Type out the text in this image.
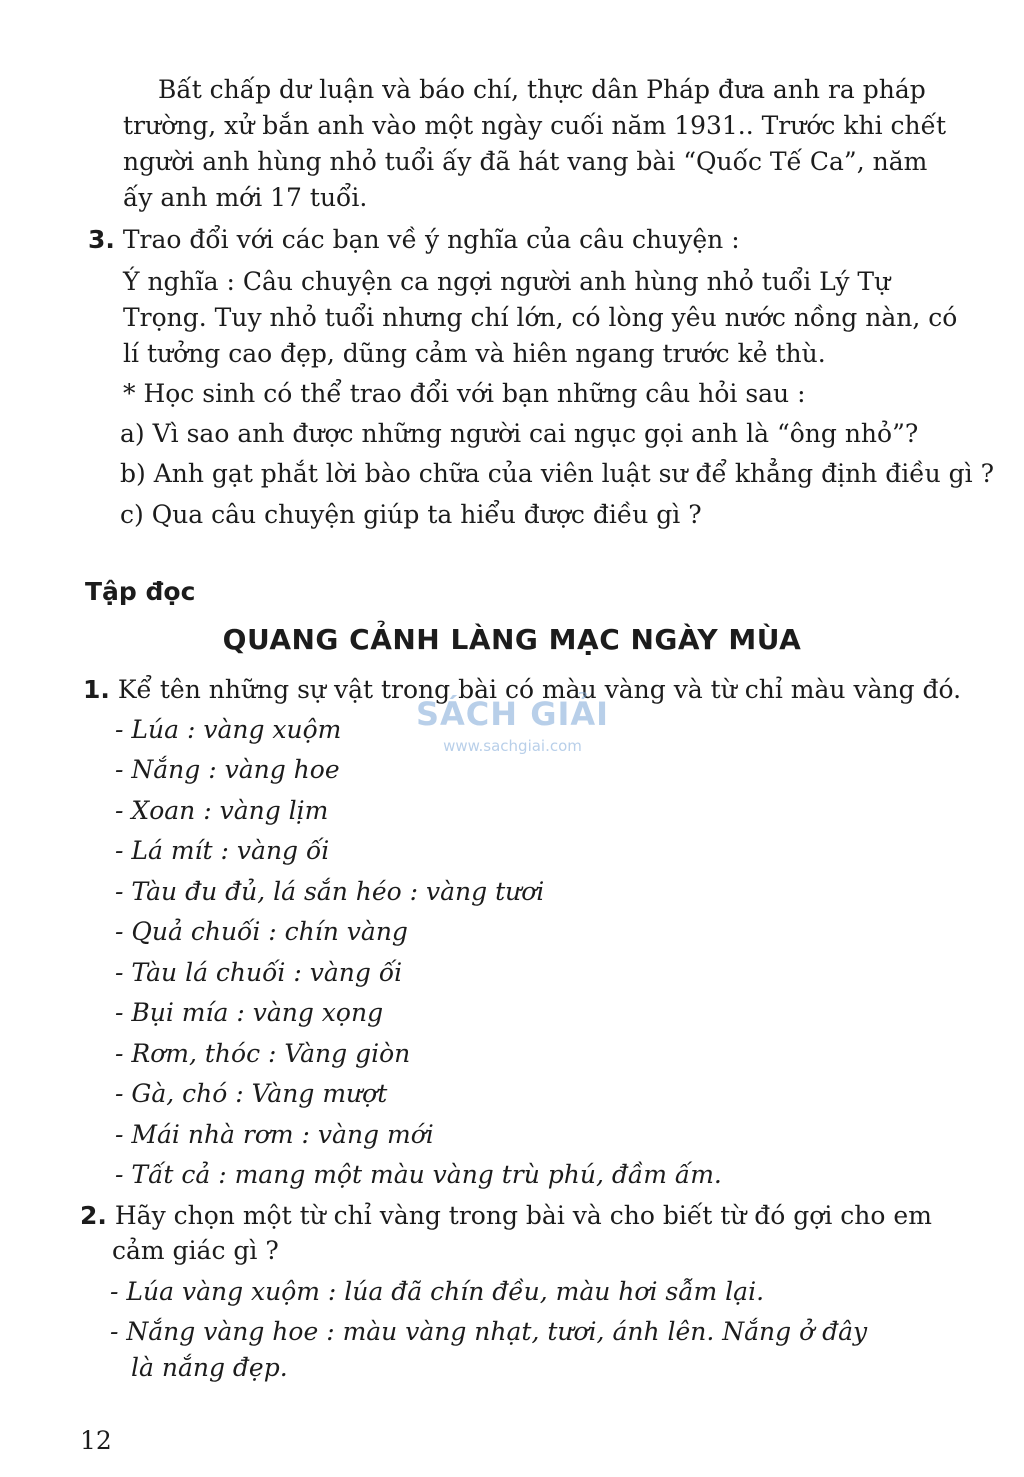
Bất chấp dư luận và báo chí, thực dân Pháp đưa anh ra pháp
trường, xử bắn anh vào một ngày cuối năm 1931.. Trước khi chết
người anh hùng nhỏ tuổi ấy đã hát vang bài “Quốc Tế Ca”, năm
ấy anh mới 17 tuổi.
3. Trao đổi với các bạn về ý nghĩa của câu chuyện :
Ý nghĩa : Câu chuyện ca ngợi người anh hùng nhỏ tuổi Lý Tự
Trọng. Tuy nhỏ tuổi nhưng chí lớn, có lòng yêu nước nồng nàn, có
lí tưởng cao đẹp, dũng cảm và hiên ngang trước kẻ thù.
* Học sinh có thể trao đổi với bạn những câu hỏi sau :
a) Vì sao anh được những người cai ngục gọi anh là “ông nhỏ”?
b) Anh gạt phắt lời bào chữa của viên luật sư để khẳng định điều gì ?
c) Qua câu chuyện giúp ta hiểu được điều gì ?
Tập đọc
QUANG CẢNH LÀNG MẠC NGÀY MÙA
1. Kể tên những sự vật trong bài có màu vàng và từ chỉ màu vàng đó.
- Lúa : vàng xuộm
- Nắng : vàng hoe
- Xoan : vàng lịm
- Lá mít : vàng ối
- Tàu đu đủ, lá sắn héo : vàng tươi
- Quả chuối : chín vàng
- Tàu lá chuối : vàng ối
- Bụi mía : vàng xọng
- Rơm, thóc : Vàng giòn
- Gà, chó : Vàng mượt
- Mái nhà rơm : vàng mới
- Tất cả : mang một màu vàng trù phú, đầm ấm.
SÁCH GIẢI
www.sachgiai.com
2. Hãy chọn một từ chỉ vàng trong bài và cho biết từ đó gợi cho em
cảm giác gì ?
- Lúa vàng xuộm : lúa đã chín đều, màu hơi sẫm lại.
- Nắng vàng hoe : màu vàng nhạt, tươi, ánh lên. Nắng ở đây
là nắng đẹp.
12
